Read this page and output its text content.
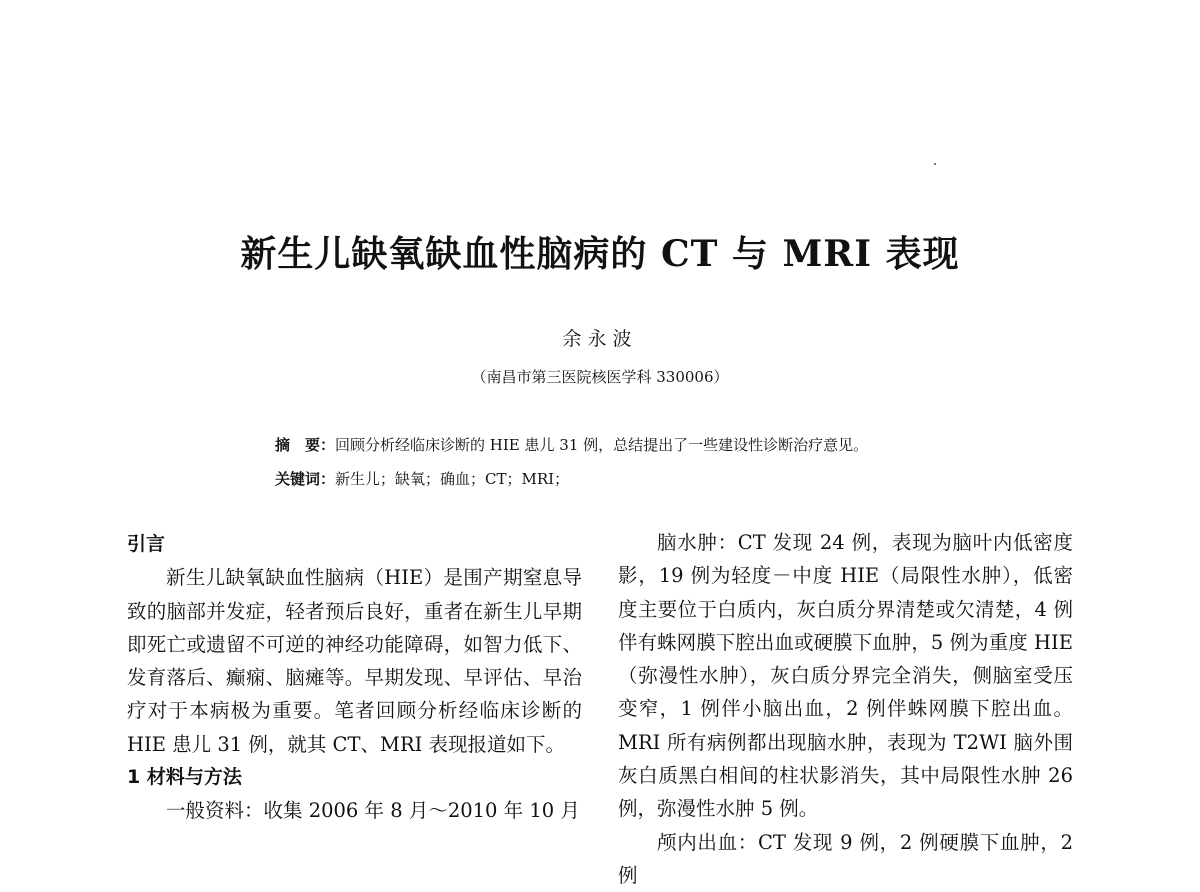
新生儿缺氧缺血性脑病的 CT 与 MRI 表现
余永波
（南昌市第三医院核医学科 330006）
摘　要：回顾分析经临床诊断的 HIE 患儿 31 例，总结提出了一些建设性诊断治疗意见。
关键词：新生儿；缺氧；确血；CT；MRI；

引言

新生儿缺氧缺血性脑病（HIE）是围产期窒息导致的脑部并发症，轻者预后良好，重者在新生儿早期即死亡或遗留不可逆的神经功能障碍，如智力低下、发育落后、癫痫、脑瘫等。早期发现、早评估、早治疗对于本病极为重要。笔者回顾分析经临床诊断的 HIE 患儿 31 例，就其 CT、MRI 表现报道如下。

1 材料与方法

一般资料：收集 2006 年 8 月～2010 年 10 月

脑水肿：CT 发现 24 例，表现为脑叶内低密度影，19 例为轻度－中度 HIE（局限性水肿），低密度主要位于白质内，灰白质分界清楚或欠清楚，4 例伴有蛛网膜下腔出血或硬膜下血肿，5 例为重度 HIE（弥漫性水肿），灰白质分界完全消失，侧脑室受压变窄，1 例伴小脑出血，2 例伴蛛网膜下腔出血。MRI 所有病例都出现脑水肿，表现为 T2WI 脑外围灰白质黑白相间的柱状影消失，其中局限性水肿 26 例，弥漫性水肿 5 例。

颅内出血：CT 发现 9 例，2 例硬膜下血肿，2 例
